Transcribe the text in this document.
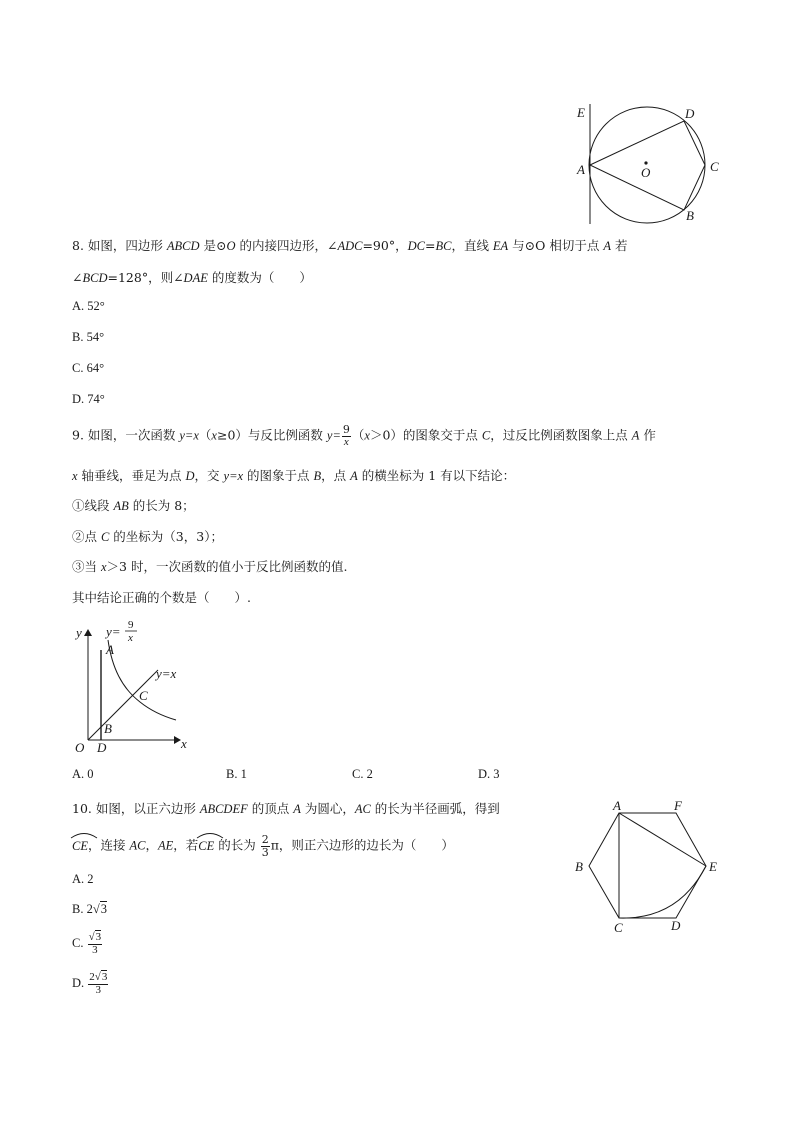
E	D
C
A	O
B
8. 如图，四边形 ABCD 是⊙O 的内接四边形，∠ADC=90°，DC=BC，直线 EA 与⊙O 相切于点 A 若
∠BCD=128°，则∠DAE 的度数为（　　）
A. 52°
B. 54°
C. 64°
D. 74°
9. 如图，一次函数 y=x（x≥0）与反比例函数 $y= \frac{9}{x} (x>0)$的图象交于点 C，过反比例函数图象上点 A 作
x 轴垂线，垂足为点 D，交 y=x 的图象于点 B，点 A 的横坐标为 1 有以下结论：
①线段 AB 的长为 8；
②点 C 的坐标为（3，3）；
③当 x＞3 时，一次函数的值小于反比例函数的值.
其中结论正确的个数是（　　）.
y y= 9
x
A
y=x
C
B
O D	x
A. 0	B. 1	C. 2	D. 3
10. 如图，以正六边形 ABCDEF 的顶点 A 为圆心，AC 的长为半径画弧，得到
CE，连接 AC，AE，若
CE 的长为 $\frac{2}{3}$ π，则正六边形的边长为（　　）
A. 2
B. 2√3
C. $\frac{√3}{3}$
D. $\frac{2√3}{3}$
A	F
B	E
C	D
